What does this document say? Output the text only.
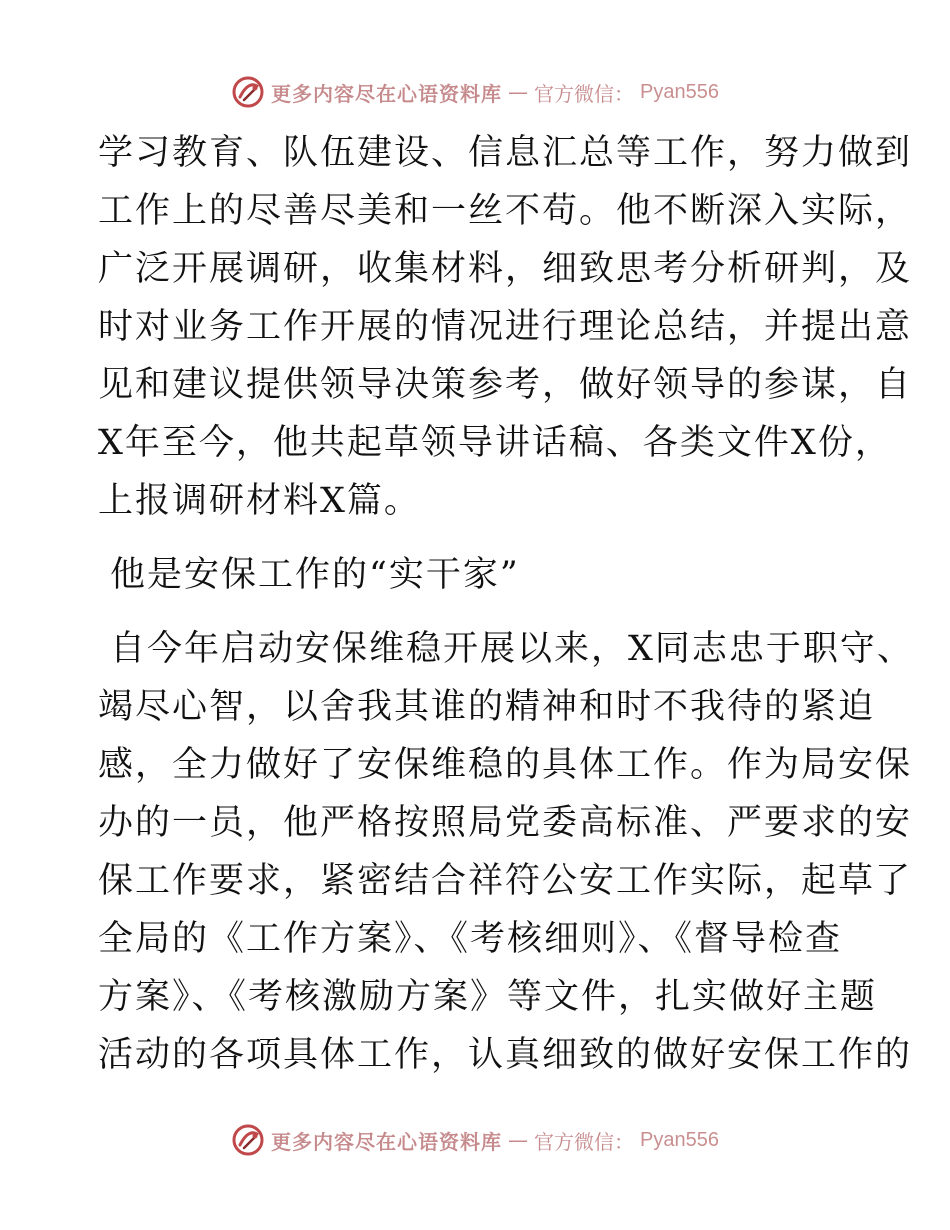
更多内容尽在心语资料库 — 官方微信： Pyan556
学习教育、队伍建设、信息汇总等工作，努力做到
工作上的尽善尽美和一丝不苟。他不断深入实际，
广泛开展调研，收集材料，细致思考分析研判，及
时对业务工作开展的情况进行理论总结，并提出意
见和建议提供领导决策参考，做好领导的参谋，自
X年至今，他共起草领导讲话稿、各类文件X份，
上报调研材料X篇。
他是安保工作的“实干家”
自今年启动安保维稳开展以来，X同志忠于职守、
竭尽心智，以舍我其谁的精神和时不我待的紧迫
感，全力做好了安保维稳的具体工作。作为局安保
办的一员，他严格按照局党委高标准、严要求的安
保工作要求，紧密结合祥符公安工作实际，起草了
全局的《工作方案》、《考核细则》、《督导检查
方案》、《考核激励方案》等文件，扎实做好主题
活动的各项具体工作，认真细致的做好安保工作的
更多内容尽在心语资料库 — 官方微信： Pyan556
